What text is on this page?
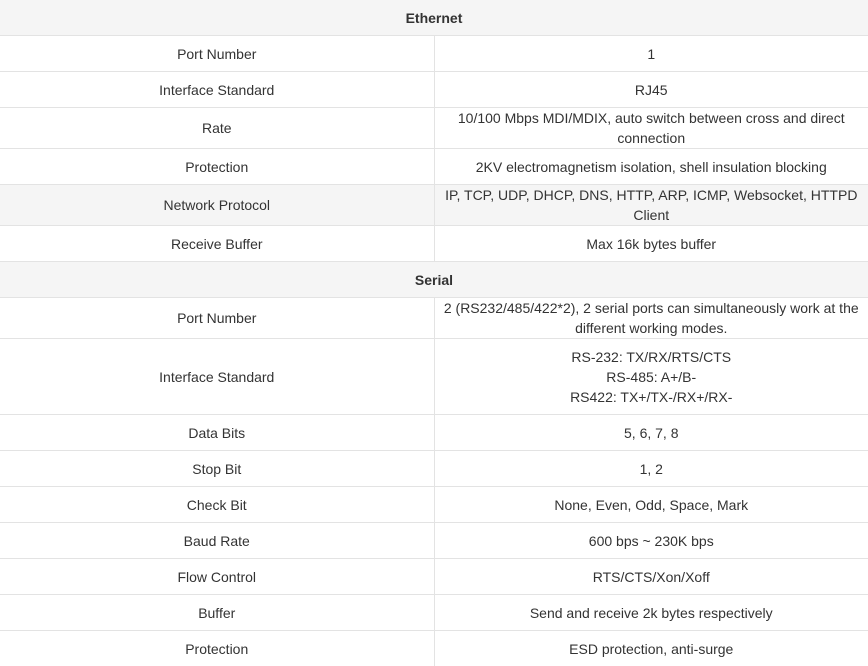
Ethernet	
Port Number	1
Interface Standard	RJ45
Rate	10/100 Mbps MDI/MDIX, auto switch between cross and direct connection
Protection	2KV electromagnetism isolation, shell insulation blocking
Network Protocol	IP, TCP, UDP, DHCP, DNS, HTTP, ARP, ICMP, Websocket, HTTPD Client
Receive Buffer	Max 16k bytes buffer
Serial	
Port Number	2 (RS232/485/422*2), 2 serial ports can simultaneously work at the different working modes.
Interface Standard	RS-232: TX/RX/RTS/CTS
RS-485: A+/B-
RS422: TX+/TX-/RX+/RX-

Data Bits	5, 6, 7, 8
Stop Bit	1, 2
Check Bit	None, Even, Odd, Space, Mark
Baud Rate	600 bps ~ 230K bps
Flow Control	RTS/CTS/Xon/Xoff
Buffer	Send and receive 2k bytes respectively
Protection	ESD protection, anti-surge
